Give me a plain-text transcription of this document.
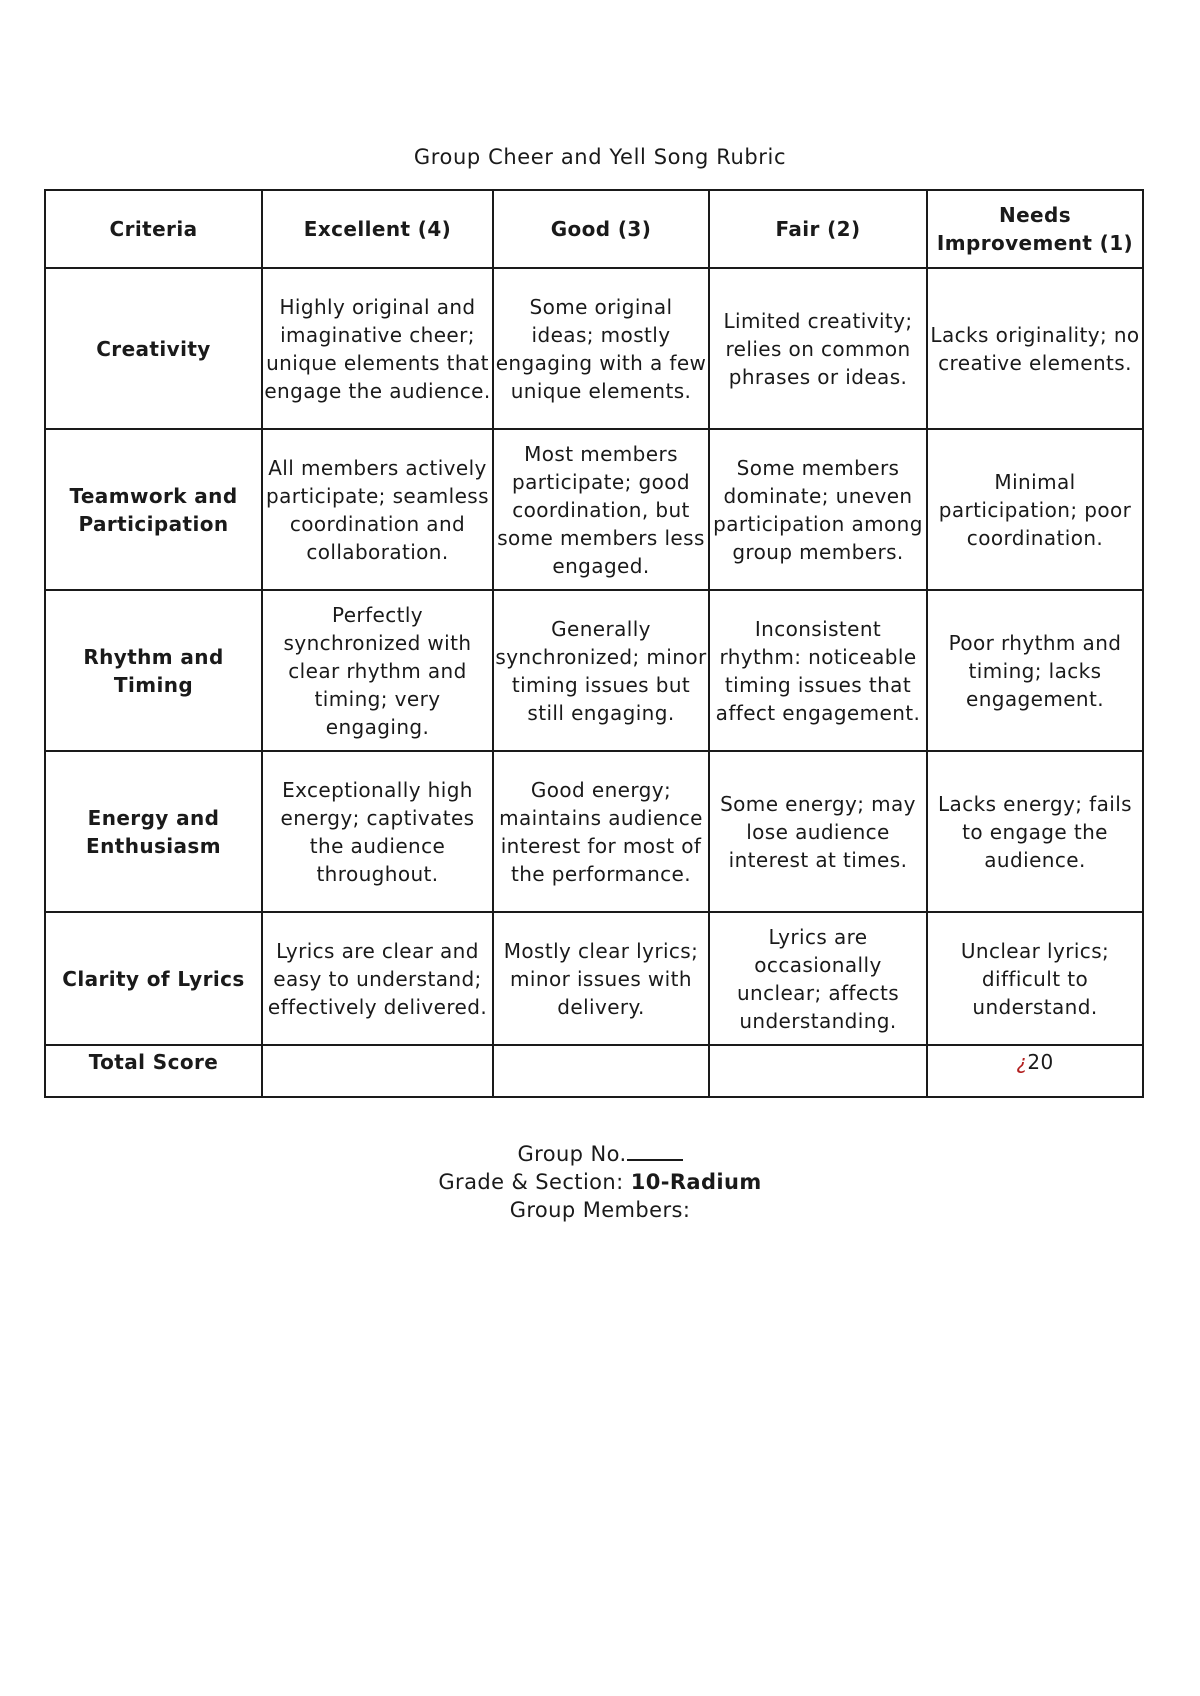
Group Cheer and Yell Song Rubric
Criteria	Excellent (4)	Good (3)	Fair (2)	Needs Improvement (1)
Creativity	Highly original and imaginative cheer; unique elements that engage the audience.	Some original ideas; mostly engaging with a few unique elements.	Limited creativity; relies on common phrases or ideas.	Lacks originality; no creative elements.
Teamwork and Participation	All members actively participate; seamless coordination and collaboration.	Most members participate; good coordination, but some members less engaged.	Some members dominate; uneven participation among group members.	Minimal participation; poor coordination.
Rhythm and Timing	Perfectly synchronized with clear rhythm and timing; very engaging.	Generally synchronized; minor timing issues but still engaging.	Inconsistent rhythm: noticeable timing issues that affect engagement.	Poor rhythm and timing; lacks engagement.
Energy and Enthusiasm	Exceptionally high energy; captivates the audience throughout.	Good energy; maintains audience interest for most of the performance.	Some energy; may lose audience interest at times.	Lacks energy; fails to engage the audience.
Clarity of Lyrics	Lyrics are clear and easy to understand; effectively delivered.	Mostly clear lyrics; minor issues with delivery.	Lyrics are occasionally unclear; affects understanding.	Unclear lyrics; difficult to understand.
Total Score				¿20
Group No.
Grade & Section: 10-Radium
Group Members:
